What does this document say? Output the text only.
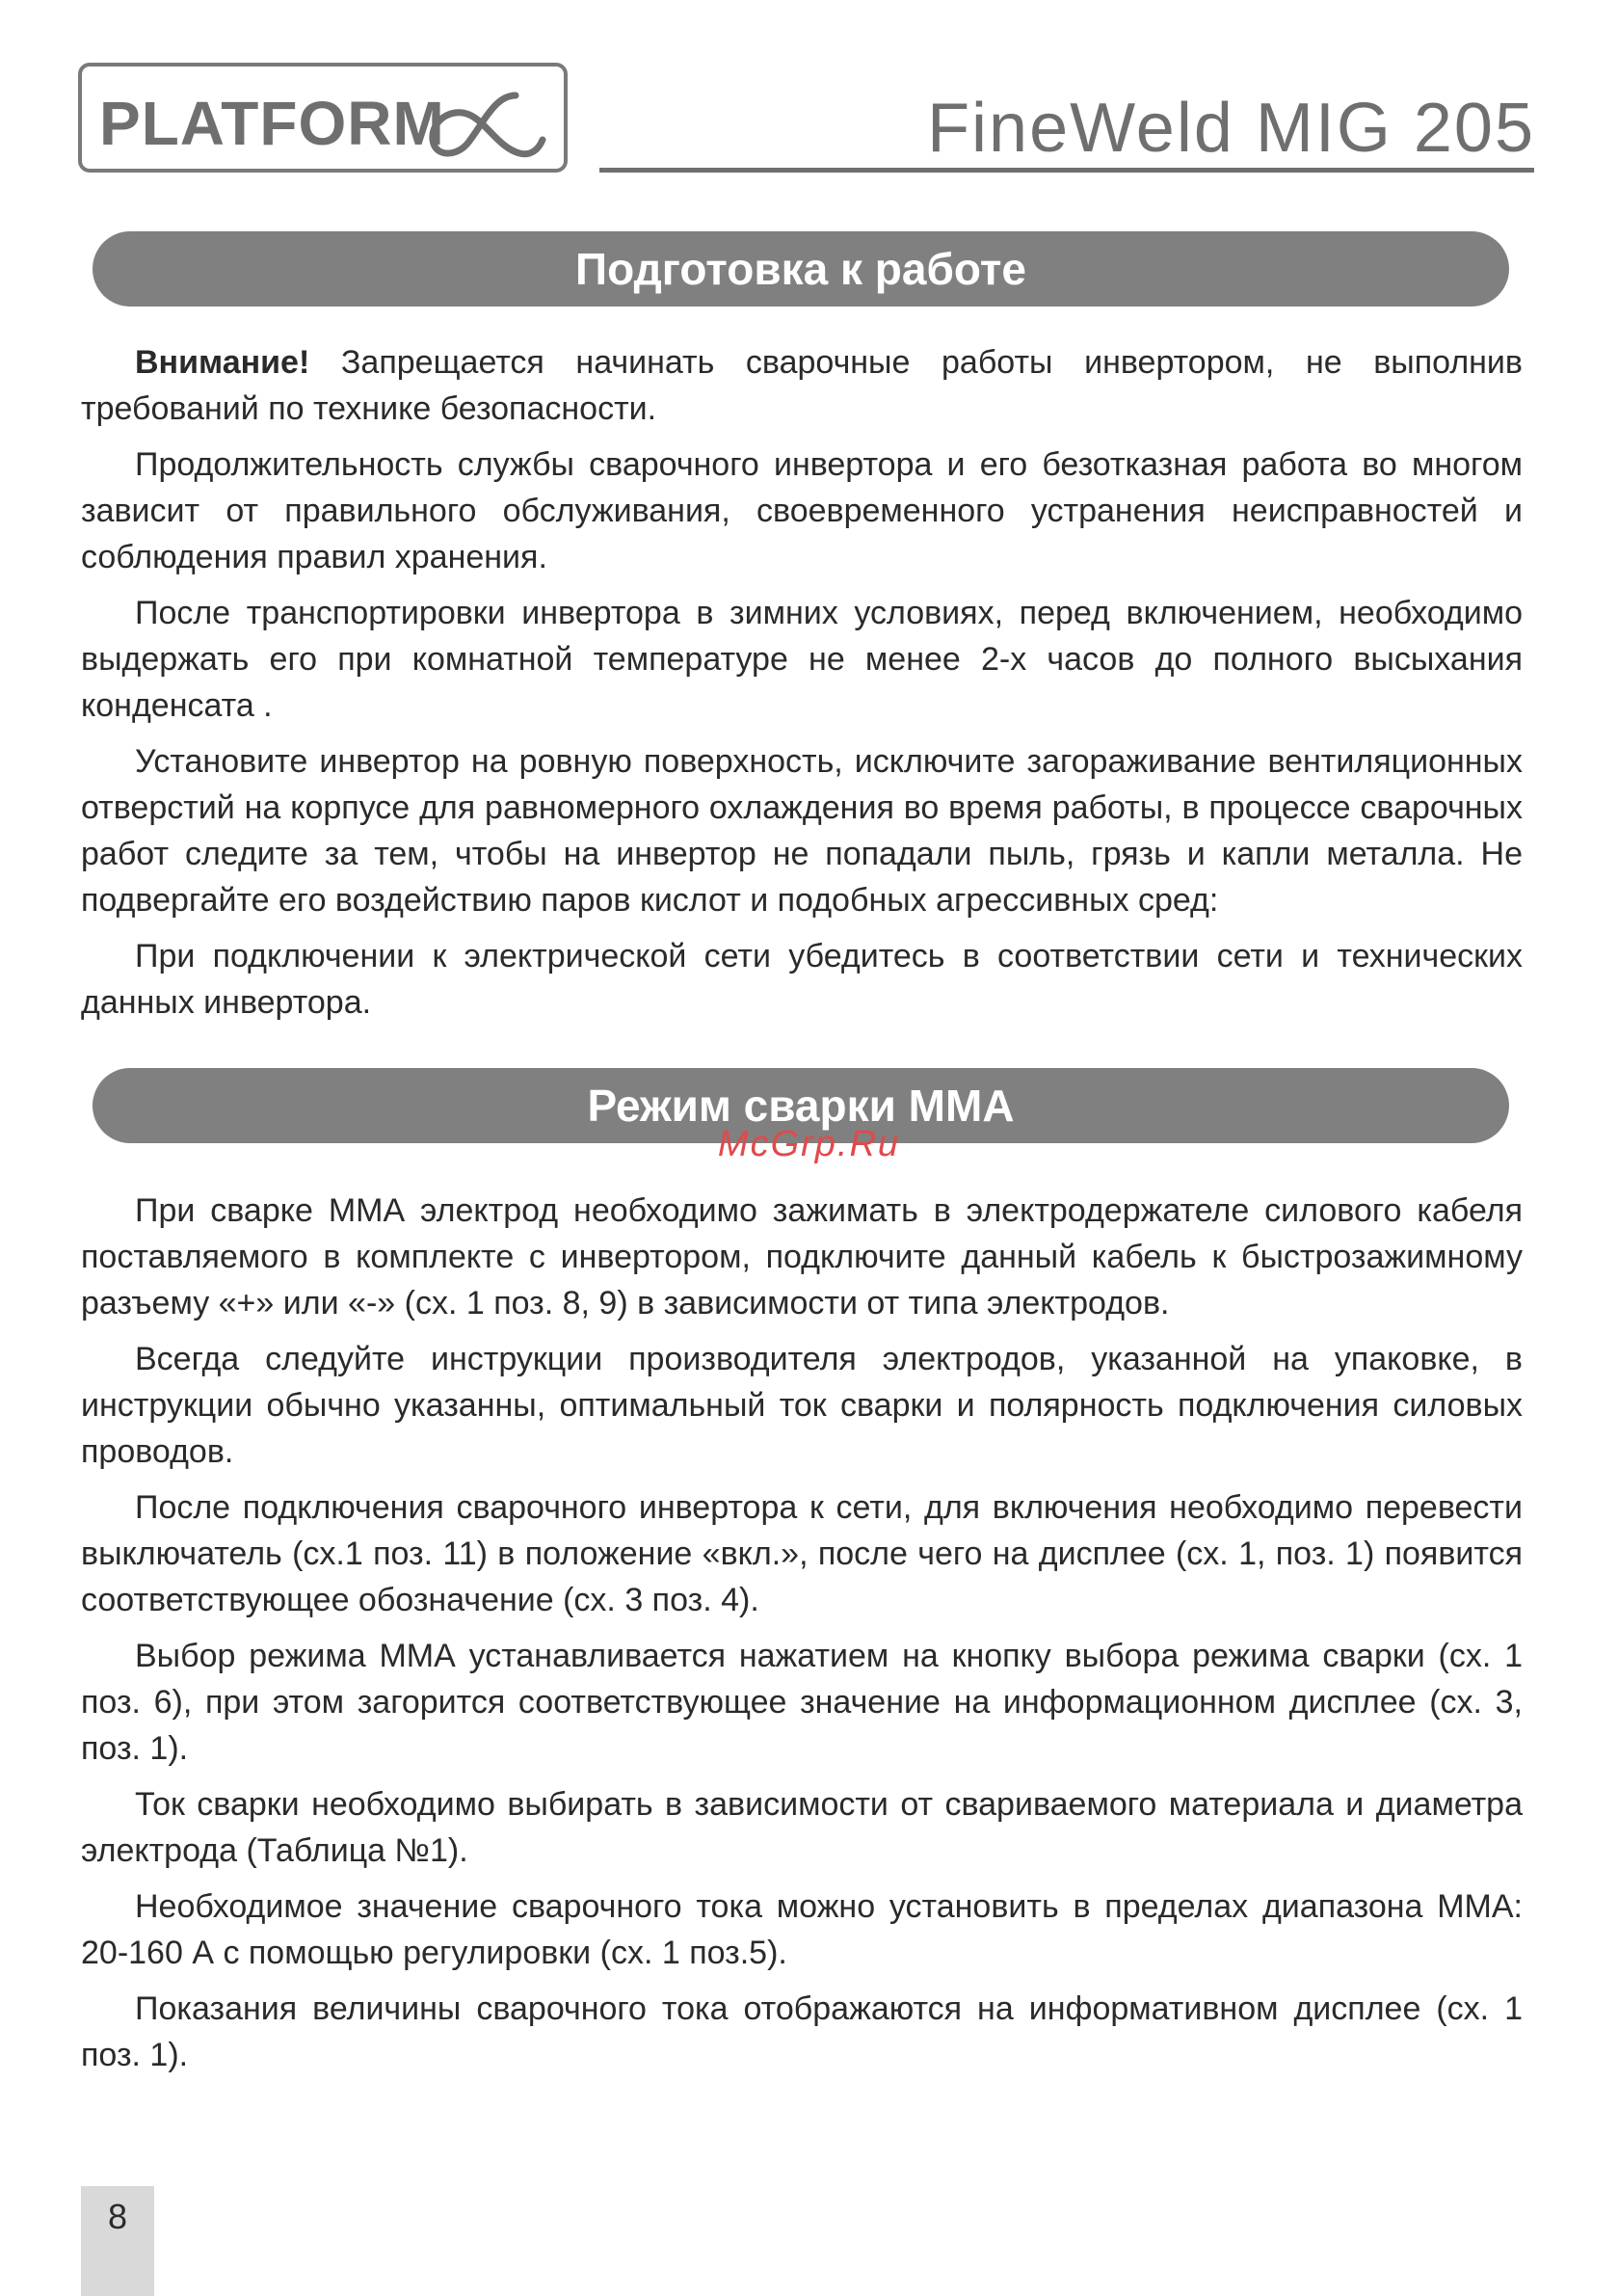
PLATFORM	FineWeld MIG 205
Подготовка к работе

Внимание! Запрещается начинать сварочные работы инвертором, не выполнив требований по технике безопасности.

Продолжительность службы сварочного инвертора и его безотказная работа во многом зависит от правильного обслуживания, своевременного устранения неисправностей и соблюдения правил хранения.

После транспортировки инвертора в зимних условиях, перед включением, необходимо выдержать его при комнатной температуре не менее 2-х часов до полного высыхания конденсата .

Установите инвертор на ровную поверхность, исключите загораживание вентиляционных отверстий на корпусе для равномерного охлаждения во время работы, в процессе сварочных работ следите за тем, чтобы на инвертор не попадали пыль, грязь и капли металла. Не подвергайте его воздействию паров кислот и подобных агрессивных сред:

При подключении к электрической сети убедитесь в соответствии сети и технических данных инвертора.

Режим сварки ММА
McGrp.Ru

При сварке ММА электрод необходимо зажимать в электродержателе силового кабеля поставляемого в комплекте с инвертором, подключите данный кабель к быстрозажимному разъему «+» или «-» (сх. 1 поз. 8, 9) в зависимости от типа электродов.

Всегда следуйте инструкции производителя электродов, указанной на упаковке, в инструкции обычно указанны, оптимальный ток сварки и полярность подключения силовых проводов.

После подключения сварочного инвертора к сети, для включения необходимо перевести выключатель (сх.1 поз. 11) в положение «вкл.», после чего на дисплее (сх. 1, поз. 1) появится соответствующее обозначение (сх. 3 поз. 4).

Выбор режима ММА устанавливается нажатием на кнопку выбора режима сварки (сх. 1 поз. 6), при этом загорится соответствующее значение на информационном дисплее (сх. 3, поз. 1).

Ток сварки необходимо выбирать в зависимости от свариваемого материала и диаметра электрода (Таблица №1).

Необходимое значение сварочного тока можно установить в пределах диапазона ММА: 20-160 А с помощью регулировки (сх. 1 поз.5).

Показания величины сварочного тока отображаются на информативном дисплее (сх. 1 поз. 1).

8
